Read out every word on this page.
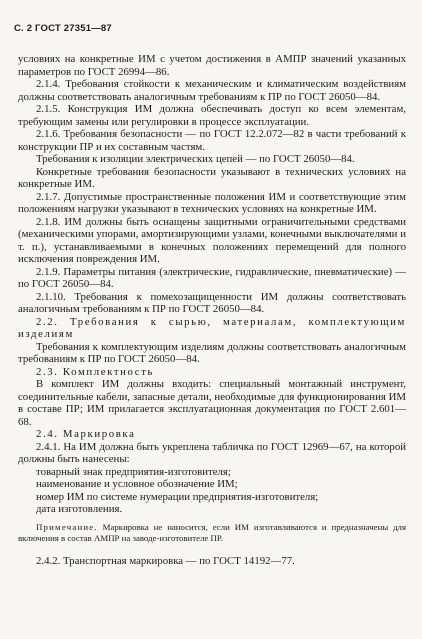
С. 2 ГОСТ 27351—87

условиях на конкретные ИМ с учетом достижения в АМПР значений указанных параметров по ГОСТ 26994—86.

2.1.4. Требования стойкости к механическим и климатическим воздействиям должны соответствовать аналогичным требованиям к ПР по ГОСТ 26050—84.

2.1.5. Конструкция ИМ должна обеспечивать доступ ко всем элементам, требующим замены или регулировки в процессе эксплуатации.

2.1.6. Требования безопасности — по ГОСТ 12.2.072—82 в части требований к конструкции ПР и их составным частям.

Требования к изоляции электрических цепей — по ГОСТ 26050—84.

Конкретные требования безопасности указывают в технических условиях на конкретные ИМ.

2.1.7. Допустимые пространственные положения ИМ и соответствующие этим положениям нагрузки указывают в технических условиях на конкретные ИМ.

2.1.8. ИМ должны быть оснащены защитными ограничительными средствами (механическими упорами, амортизирующими узлами, конечными выключателями и т. п.), устанавливаемыми в конечных положениях перемещений для полного исключения повреждения ИМ.

2.1.9. Параметры питания (электрические, гидравлические, пневматические) — по ГОСТ 26050—84.

2.1.10. Требования к помехозащищенности ИМ должны соответствовать аналогичным требованиям к ПР по ГОСТ 26050—84.

2.2. Требования к сырью, материалам, комплектующим изделиям

Требования к комплектующим изделиям должны соответствовать аналогичным требованиям к ПР по ГОСТ 26050—84.

2.3. Комплектность

В комплект ИМ должны входить: специальный монтажный инструмент, соединительные кабели, запасные детали, необходимые для функционирования ИМ в составе ПР; ИМ прилагается эксплуатационная документация по ГОСТ 2.601—68.

2.4. Маркировка

2.4.1. На ИМ должна быть укреплена табличка по ГОСТ 12969—67, на которой должны быть нанесены:

товарный знак предприятия-изготовителя;

наименование и условное обозначение ИМ;

номер ИМ по системе нумерации предприятия-изготовителя;

дата изготовления.

Примечание. Маркировка не наносится, если ИМ изготавливаются и предназначены для включения в состав АМПР на заводе-изготовителе ПР.

2.4.2. Транспортная маркировка — по ГОСТ 14192—77.
